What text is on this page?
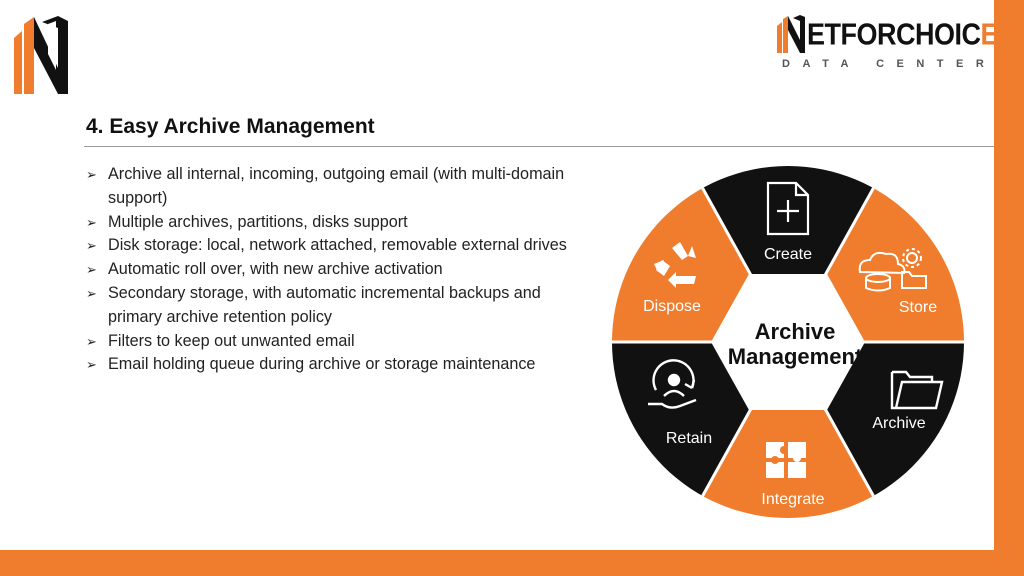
ETFORCHOICE
DATA CENTER
4. Easy Archive Management
➢ Archive all internal, incoming, outgoing email (with multi-domain support)
➢ Multiple archives, partitions, disks support
➢ Disk storage: local, network attached, removable external drives
➢ Automatic roll over, with new archive activation
➢ Secondary storage, with automatic incremental backups and primary archive retention policy
➢ Filters to keep out unwanted email
➢ Email holding queue during archive or storage maintenance
Archive
Management
Create
Store
Archive
Integrate
Retain
Dispose
